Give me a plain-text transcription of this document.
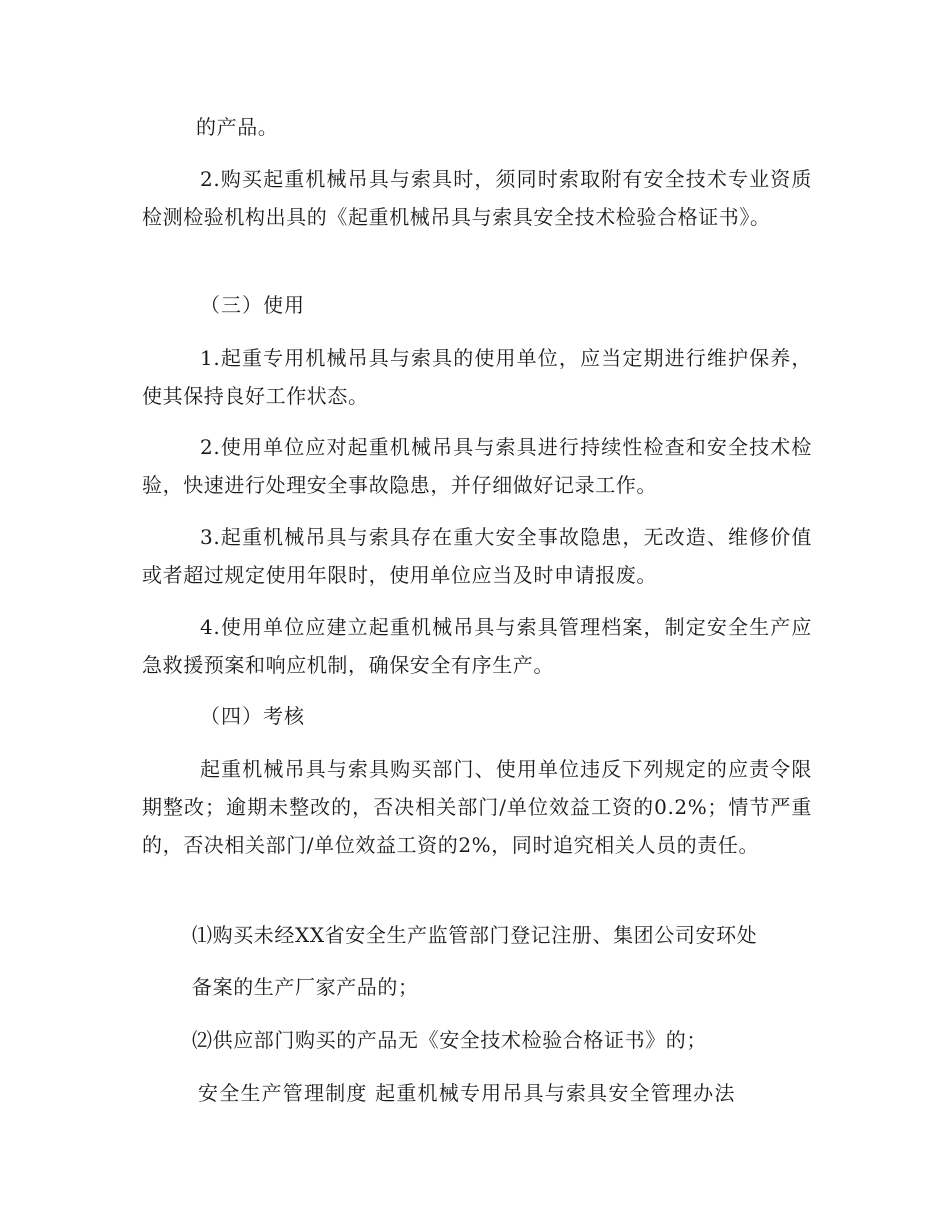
的产品。

2.购买起重机械吊具与索具时，须同时索取附有安全技术专业资质检测检验机构出具的《起重机械吊具与索具安全技术检验合格证书》。

（三）使用

1.起重专用机械吊具与索具的使用单位，应当定期进行维护保养，使其保持良好工作状态。

2.使用单位应对起重机械吊具与索具进行持续性检查和安全技术检验，快速进行处理安全事故隐患，并仔细做好记录工作。

3.起重机械吊具与索具存在重大安全事故隐患，无改造、维修价值或者超过规定使用年限时，使用单位应当及时申请报废。

4.使用单位应建立起重机械吊具与索具管理档案，制定安全生产应急救援预案和响应机制，确保安全有序生产。

（四）考核

起重机械吊具与索具购买部门、使用单位违反下列规定的应责令限期整改；逾期未整改的，否决相关部门/单位效益工资的0.2%；情节严重的，否决相关部门/单位效益工资的2%，同时追究相关人员的责任。

⑴购买未经XX省安全生产监管部门登记注册、集团公司安环处

备案的生产厂家产品的；

⑵供应部门购买的产品无《安全技术检验合格证书》的；

安全生产管理制度 起重机械专用吊具与索具安全管理办法
